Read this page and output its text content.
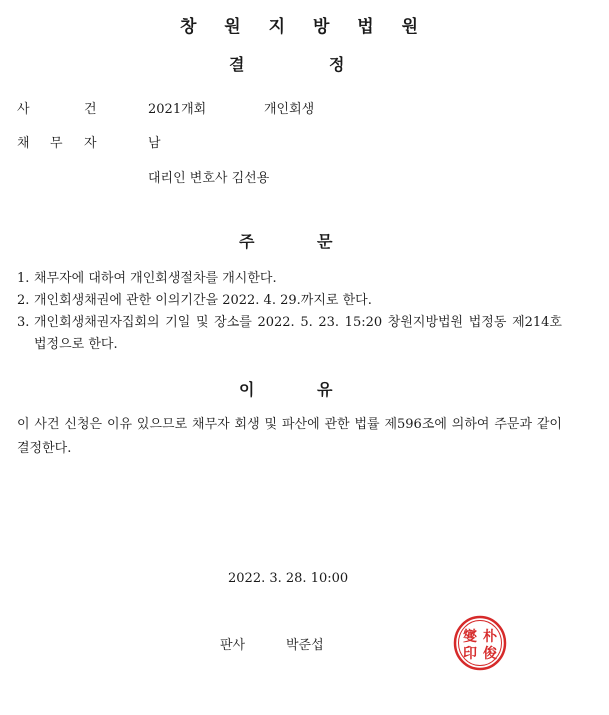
창 원 지 방 법 원
결	정
사	건	2021개회	개인회생
채 무 자	남
대리인 변호사 김선용
주	문
1. 채무자에 대하여 개인회생절차를 개시한다.
2. 개인회생채권에 관한 이의기간을 2022. 4. 29.까지로 한다.
3. 개인회생채권자집회의 기일 및 장소를 2022. 5. 23. 15:20 창원지방법원 법정동 제214호 법정으로 한다.
이	유
이 사건 신청은 이유 있으므로 채무자 회생 및 파산에 관한 법률 제596조에 의하여 주문과 같이 결정한다.
2022. 3. 28. 10:00
판사	박준섭
朴
俊
燮
印
